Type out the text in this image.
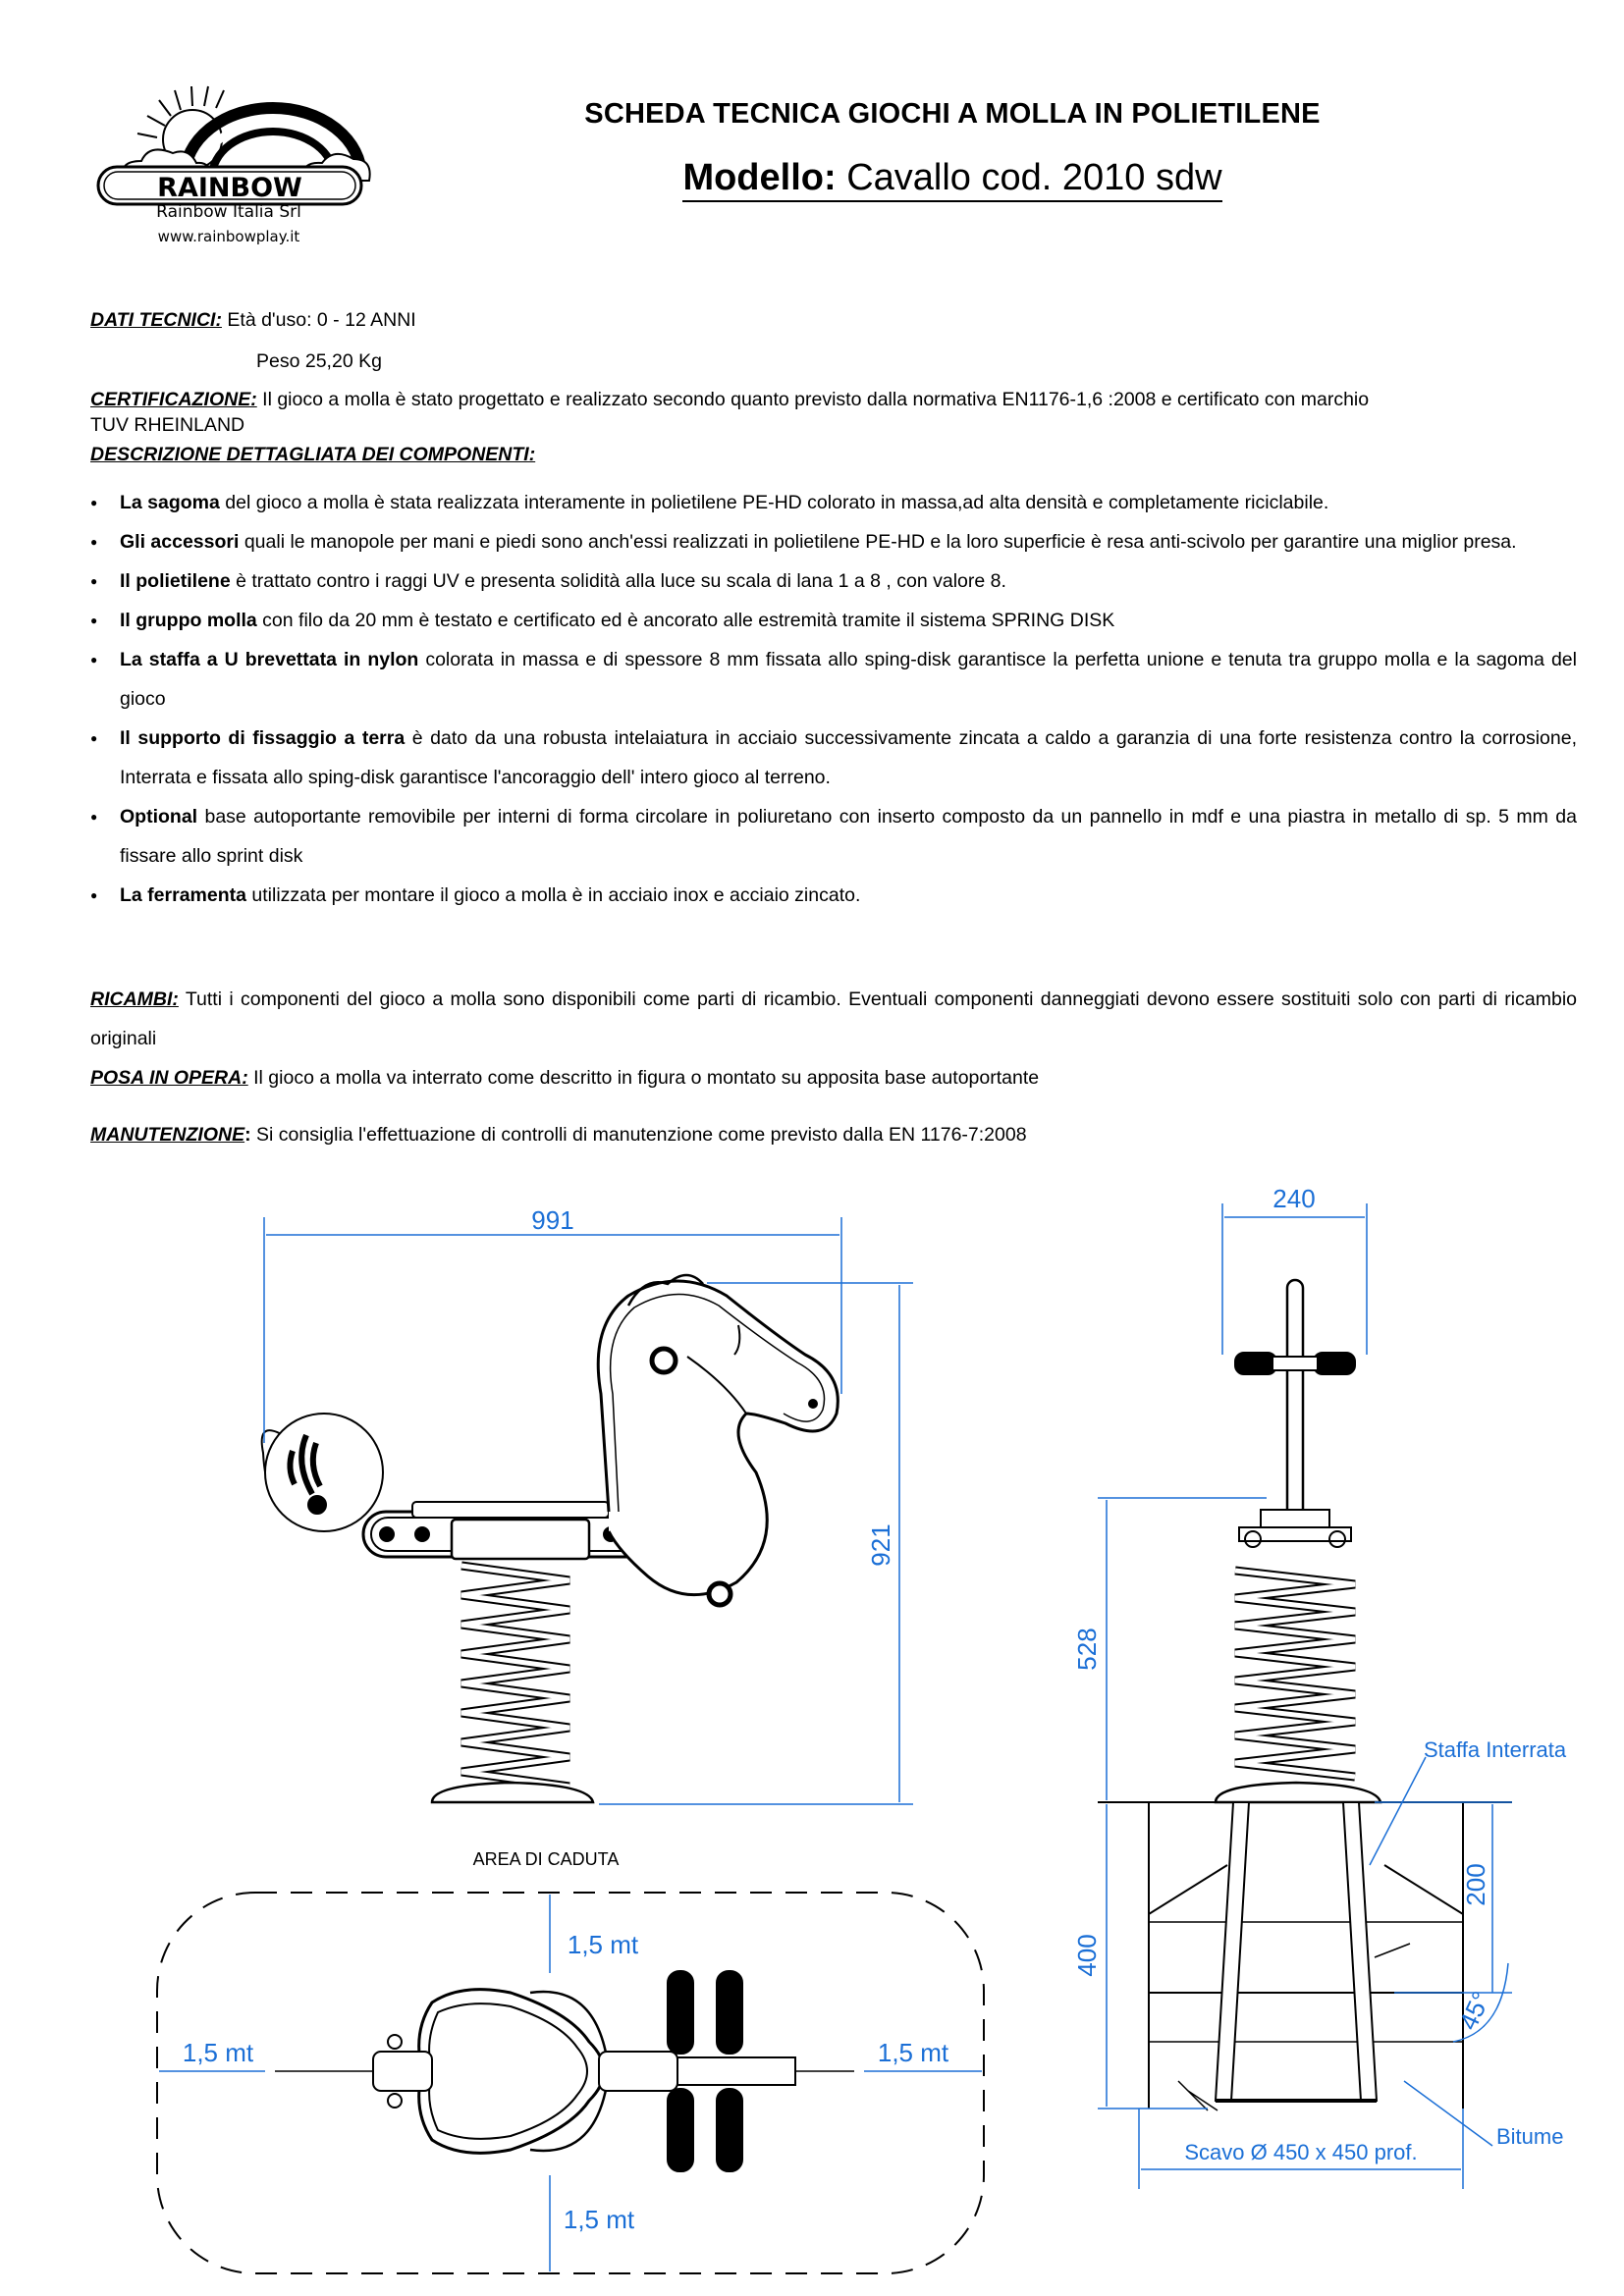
RAINBOW
Rainbow Italia Srl
www.rainbowplay.it
SCHEDA TECNICA GIOCHI A MOLLA IN POLIETILENE
Modello: Cavallo cod. 2010 sdw
DATI TECNICI: Età d'uso: 0 - 12 ANNI
Peso 25,20 Kg
CERTIFICAZIONE: Il gioco a molla è stato progettato e realizzato secondo quanto previsto dalla normativa EN1176-1,6 :2008 e certificato con marchio
TUV RHEINLAND
DESCRIZIONE DETTAGLIATA DEI COMPONENTI:
● La sagoma del gioco a molla è stata realizzata interamente in polietilene PE-HD colorato in massa,ad alta densità e completamente riciclabile.
● Gli accessori quali le manopole per mani e piedi sono anch'essi realizzati in polietilene PE-HD e la loro superficie è resa anti-scivolo per garantire una miglior presa.
● Il polietilene è trattato contro i raggi UV e presenta solidità alla luce su scala di lana 1 a 8 , con valore 8.
● Il gruppo molla con filo da 20 mm è testato e certificato ed è ancorato alle estremità tramite il sistema SPRING DISK
● La staffa a U brevettata in nylon colorata in massa e di spessore 8 mm fissata allo sping-disk garantisce la perfetta unione e tenuta tra gruppo molla e la sagoma del gioco
● Il supporto di fissaggio a terra è dato da una robusta intelaiatura in acciaio successivamente zincata a caldo a garanzia di una forte resistenza contro la corrosione, Interrata e fissata allo sping-disk garantisce l'ancoraggio dell' intero gioco al terreno.
● Optional base autoportante removibile per interni di forma circolare in poliuretano con inserto composto da un pannello in mdf e una piastra in metallo di sp. 5 mm da fissare allo sprint disk
● La ferramenta utilizzata per montare il gioco a molla è in acciaio inox e acciaio zincato.
RICAMBI: Tutti i componenti del gioco a molla sono disponibili come parti di ricambio. Eventuali componenti danneggiati devono essere sostituiti solo con parti di ricambio originali
POSA IN OPERA: Il gioco a molla va interrato come descritto in figura o montato su apposita base autoportante
MANUTENZIONE: Si consiglia l'effettuazione di controlli di manutenzione come previsto dalla EN 1176-7:2008
991
921
240
528
400
200
45°
Staffa Interrata
Bitume
Scavo Ø 450 x 450 prof.
AREA DI CADUTA
1,5 mt
1,5 mt
1,5 mt	1,5 mt
